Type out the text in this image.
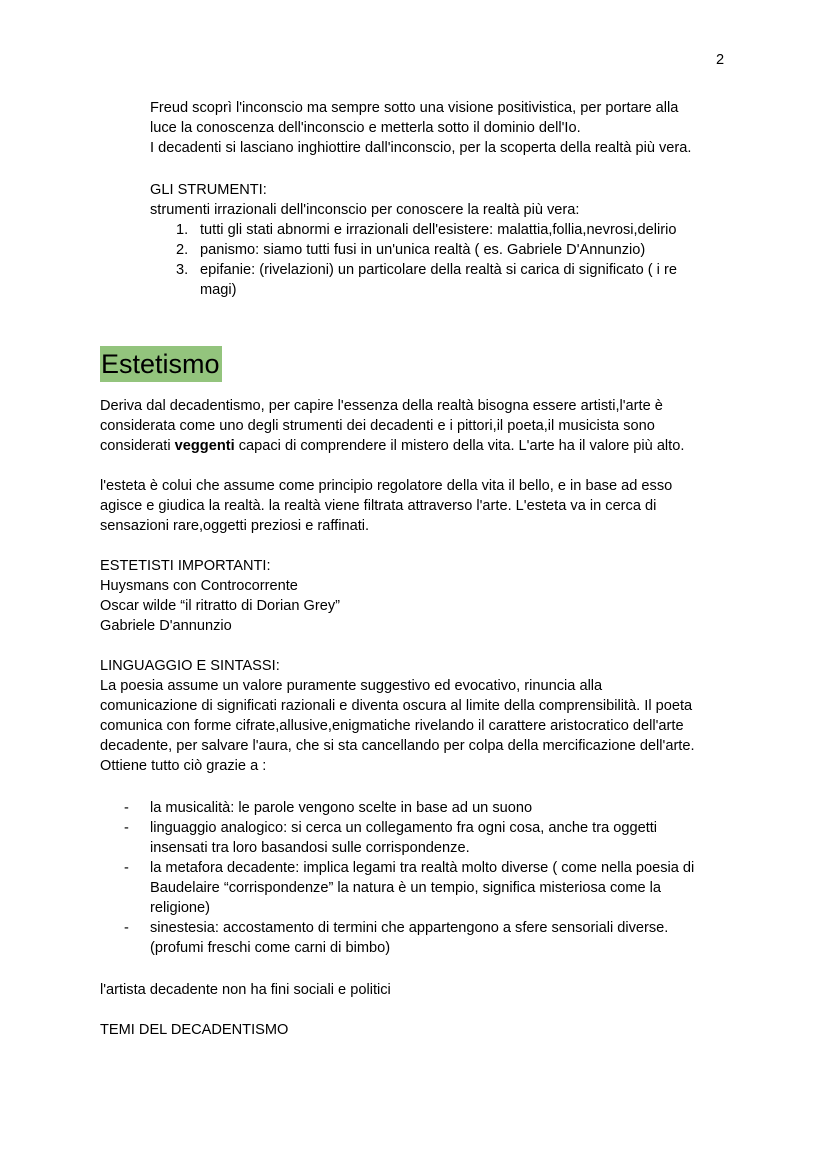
2

Freud scoprì l'inconscio ma sempre sotto una visione positivistica, per portare alla

luce la conoscenza dell'inconscio e metterla sotto il dominio dell'Io.

I decadenti si lasciano inghiottire dall'inconscio, per la scoperta della realtà più vera.

GLI STRUMENTI:

strumenti irrazionali dell'inconscio per conoscere la realtà più vera:

1. tutti gli stati abnormi e irrazionali dell'esistere: malattia,follia,nevrosi,delirio
2. panismo: siamo tutti fusi in un'unica realtà ( es. Gabriele D'Annunzio)
3. epifanie: (rivelazioni) un particolare della realtà si carica di significato ( i re
magi)
Estetismo

Deriva dal decadentismo, per capire l'essenza della realtà bisogna essere artisti,l'arte è

considerata come uno degli strumenti dei decadenti e i pittori,il poeta,il musicista sono

considerati veggenti capaci di comprendere il mistero della vita. L'arte ha il valore più alto.

l'esteta è colui che assume come principio regolatore della vita il bello, e in base ad esso

agisce e giudica la realtà. la realtà viene filtrata attraverso l'arte. L'esteta va in cerca di

sensazioni rare,oggetti preziosi e raffinati.

ESTETISTI IMPORTANTI:

Huysmans con Controcorrente

Oscar wilde “il ritratto di Dorian Grey”

Gabriele D'annunzio

LINGUAGGIO E SINTASSI:

La poesia assume un valore puramente suggestivo ed evocativo, rinuncia alla

comunicazione di significati razionali e diventa oscura al limite della comprensibilità. Il poeta

comunica con forme cifrate,allusive,enigmatiche rivelando il carattere aristocratico dell'arte

decadente, per salvare l'aura, che si sta cancellando per colpa della mercificazione dell'arte.

Ottiene tutto ciò grazie a :

- la musicalità: le parole vengono scelte in base ad un suono
- linguaggio analogico: si cerca un collegamento fra ogni cosa, anche tra oggetti
insensati tra loro basandosi sulle corrispondenze.
- la metafora decadente: implica legami tra realtà molto diverse ( come nella poesia di
Baudelaire “corrispondenze” la natura è un tempio, significa misteriosa come la
religione)
- sinestesia: accostamento di termini che appartengono a sfere sensoriali diverse.
(profumi freschi come carni di bimbo)
l'artista decadente non ha fini sociali e politici
TEMI DEL DECADENTISMO
